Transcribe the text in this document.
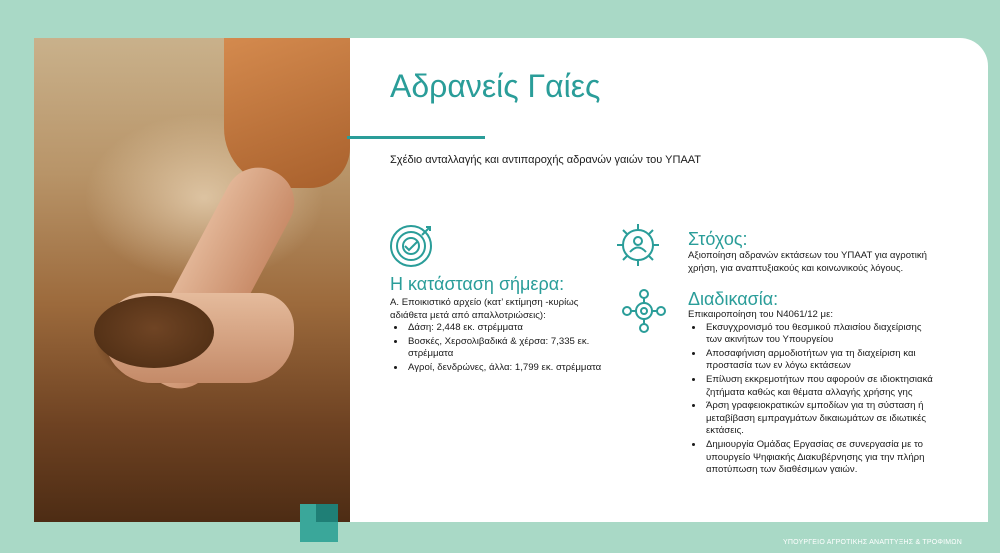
Αδρανείς Γαίες
Σχέδιο ανταλλαγής και αντιπαροχής αδρανών γαιών του ΥΠΑΑΤ
Η κατάσταση σήμερα:

Α. Εποικιστικό αρχείο (κατ’ εκτίμηση -κυρίως αδιάθετα μετά από απαλλοτριώσεις):

• Δάση: 2,448 εκ. στρέμματα
• Βοσκές, Χερσολιβαδικά & χέρσα: 7,335 εκ. στρέμματα
• Αγροί, δενδρώνες, άλλα: 1,799 εκ. στρέμματα
Στόχος:
Αξιοποίηση αδρανών εκτάσεων του ΥΠΑΑΤ για αγροτική χρήση, για αναπτυξιακούς και κοινωνικούς λόγους.
Διαδικασία:

Επικαιροποίηση του Ν4061/12 με:

• Εκσυγχρονισμό του θεσμικού πλαισίου διαχείρισης των ακινήτων του Υπουργείου
• Αποσαφήνιση αρμοδιοτήτων για τη διαχείριση και προστασία των εν λόγω εκτάσεων
• Επίλυση εκκρεμοτήτων που αφορούν σε ιδιοκτησιακά ζητήματα καθώς και θέματα αλλαγής χρήσης γης
• Άρση γραφειοκρατικών εμποδίων για τη σύσταση ή μεταβίβαση εμπραγμάτων δικαιωμάτων σε ιδιωτικές εκτάσεις.
• Δημιουργία Ομάδας Εργασίας σε συνεργασία με το υπουργείο Ψηφιακής Διακυβέρνησης για την πλήρη αποτύπωση των διαθέσιμων γαιών.
ΥΠΟΥΡΓΕΙΟ ΑΓΡΟΤΙΚΗΣ ΑΝΑΠΤΥΞΗΣ & ΤΡΟΦΙΜΩΝ
